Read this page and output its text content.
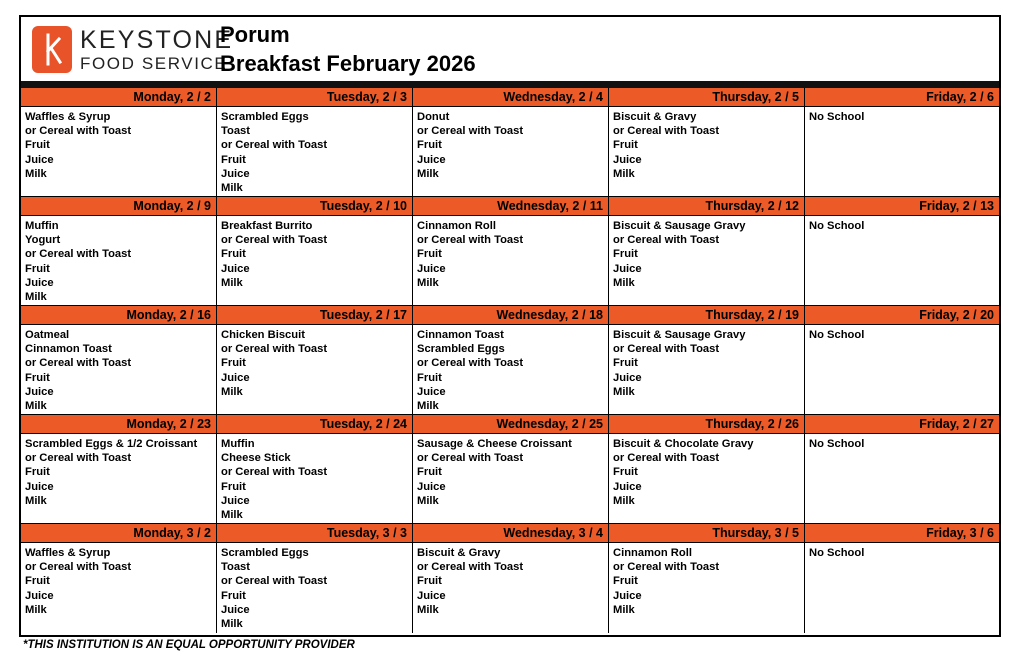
KEYSTONE
FOOD SERVICE
Porum
Breakfast February 2026
Monday, 2 / 2
Waffles & Syrup
or Cereal with Toast
Fruit
Juice
Milk
Tuesday, 2 / 3
Scrambled Eggs
Toast
or Cereal with Toast
Fruit
Juice
Milk
Wednesday, 2 / 4
Donut
or Cereal with Toast
Fruit
Juice
Milk
Thursday, 2 / 5
Biscuit & Gravy
or Cereal with Toast
Fruit
Juice
Milk
Friday, 2 / 6
No School
Monday, 2 / 9
Muffin
Yogurt
or Cereal with Toast
Fruit
Juice
Milk
Tuesday, 2 / 10
Breakfast Burrito
or Cereal with Toast
Fruit
Juice
Milk
Wednesday, 2 / 11
Cinnamon Roll
or Cereal with Toast
Fruit
Juice
Milk
Thursday, 2 / 12
Biscuit & Sausage Gravy
or Cereal with Toast
Fruit
Juice
Milk
Friday, 2 / 13
No School
Monday, 2 / 16
Oatmeal
Cinnamon Toast
or Cereal with Toast
Fruit
Juice
Milk
Tuesday, 2 / 17
Chicken Biscuit
or Cereal with Toast
Fruit
Juice
Milk
Wednesday, 2 / 18
Cinnamon Toast
Scrambled Eggs
or Cereal with Toast
Fruit
Juice
Milk
Thursday, 2 / 19
Biscuit & Sausage Gravy
or Cereal with Toast
Fruit
Juice
Milk
Friday, 2 / 20
No School
Monday, 2 / 23
Scrambled Eggs & 1/2 Croissant
or Cereal with Toast
Fruit
Juice
Milk
Tuesday, 2 / 24
Muffin
Cheese Stick
or Cereal with Toast
Fruit
Juice
Milk
Wednesday, 2 / 25
Sausage & Cheese Croissant
or Cereal with Toast
Fruit
Juice
Milk
Thursday, 2 / 26
Biscuit & Chocolate Gravy
or Cereal with Toast
Fruit
Juice
Milk
Friday, 2 / 27
No School
Monday, 3 / 2
Waffles & Syrup
or Cereal with Toast
Fruit
Juice
Milk
Tuesday, 3 / 3
Scrambled Eggs
Toast
or Cereal with Toast
Fruit
Juice
Milk
Wednesday, 3 / 4
Biscuit & Gravy
or Cereal with Toast
Fruit
Juice
Milk
Thursday, 3 / 5
Cinnamon Roll
or Cereal with Toast
Fruit
Juice
Milk
Friday, 3 / 6
No School
*THIS INSTITUTION IS AN EQUAL OPPORTUNITY PROVIDER
